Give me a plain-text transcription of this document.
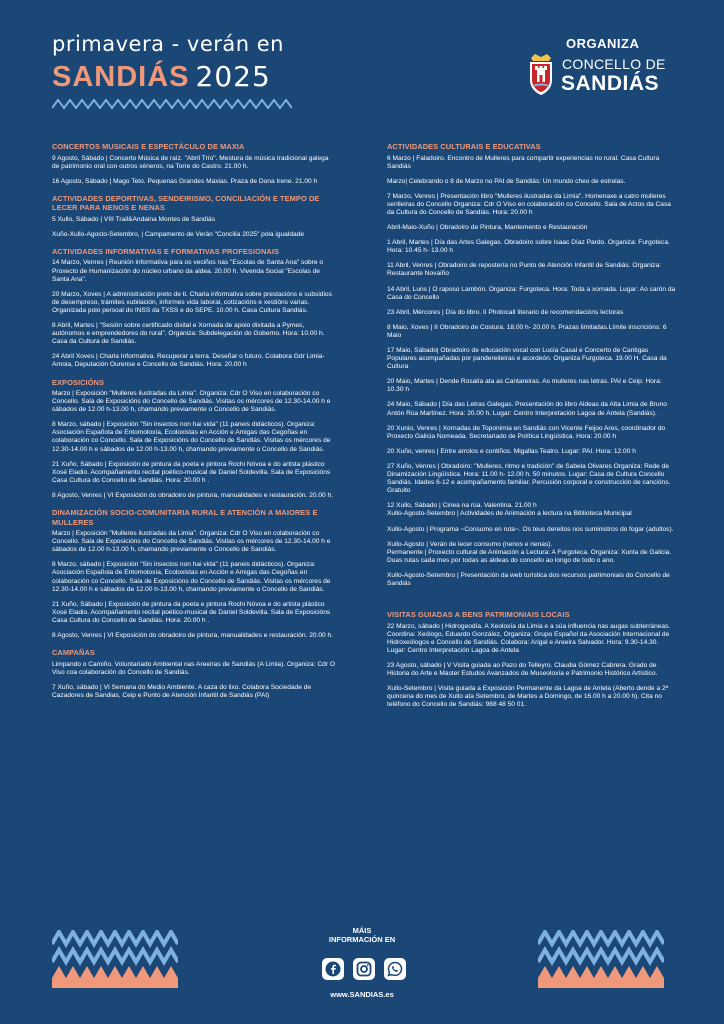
primavera - verán en
SANDIÁS 2025
ORGANIZA
CONCELLO DE
SANDIÁS
CONCERTOS MUSICAIS E ESPECTÁCULO DE MAXIA
9 Agosto, Sábado | Concerto Música de raíz. "Abril Trío". Mestura de música tradicional galega de patrimonio oral con outros xéneros, na Torre do Castro. 21.00 h.
16 Agosto, Sábado | Mago Teto. Pequenas Grandes Maxias. Praza de Dona Irene. 21.00 h
ACTIVIDADES DEPORTIVAS, SENDEIRISMO, CONCILIACIÓN E TEMPO DE LECER PARA NENOS E NENAS
5 Xullo, Sábado | VIII Trail&Andaina Montes de Sandiás
Xuño-Xullo-Agosto-Setembro, | Campamento de Verán "Concilia 2025" pola igualdade
ACTIVIDADES INFORMATIVAS E FORMATIVAS PROFESIONAIS
14 Marzo, Venres | Reunión informativa para os veciños nas "Escolas de Santa Ana" sobre o Proxecto de Humanización do núcleo urbano da aldea. 20.00 h. Vivenda Social "Escolas de Santa Ana".
20 Marzo, Xoves | A administración preto de ti. Charla informativa sobre prestacións e subsidios de desempreso, trámites xubilación, informes vida laboral, cotizacións e xestións varias. Organizada polo persoal do INSS da TXSS e do SEPE. 10.00 h. Casa Cultura Sandiás.
8 Abril, Martes | "Sesión sobre certificado dixital e Xornada de apoio dixitada a Pymes, autónomos e emprendedores do rural". Organiza: Subdelegación do Goberno. Hora: 10.00 h. Casa da Cultura de Sandiás.
24 Abril Xoves | Charla Informativa. Recuperar a terra. Deseñar o futuro. Colabora Gdr Limia-Arnoia, Deputación Ourense e Concello de Sandiás. Hora: 20.00 h
EXPOSICIÓNS
Marzo | Exposición "Mulleres ilustradas da Limia". Organiza: Cdr O Viso en colaboración co Concello. Sala de Exposicións do Concello de Sandiás. Visitas os mércores de 12.30-14.00 h e sábados de 12.00 h-13.00 h, chamando previamente o Concello de Sandiás.
8 Marzo, sábado | Exposición "Sin insectos non hai vida" (11 paneis didácticos). Organiza: Asociación Española de Entomoloxía, Ecoloxistas en Acción e Amigas das Cegoñas en colaboración co Concello. Sala de Exposicións do Concello de Sandiás. Visitas os mércores de 12.30-14.00 h e sábados de 12.00 h-13.00 h, chamando previamente o Concello de Sandiás.
21 Xuño, Sábado | Exposición de pintura da poeta e pintora Rochi Nóvoa e do artista plástico Xosé Eladio. Acompañamento recital poético-musical de Daniel Soldevilla. Sala de Exposicións Casa Cultura do Concello de Sandiás. Hora: 20.00 h .
8 Agosto, Venres | VI Exposición do obradoiro de pintura, manualidades e restauración. 20.00 h.
DINAMIZACIÓN SOCIO-COMUNITARIA RURAL E ATENCIÓN A MAIORES E MULLERES
Marzo | Exposición "Mulleres ilustradas da Limia". Organiza: Cdr O Viso en colaboración co Concello. Sala de Exposicións do Concello de Sandiás. Visitas os mércores de 12.30-14.00 h e sábados de 12.00 h-13.00 h, chamando previamente o Concello de Sandiás.
8 Marzo, sábado | Exposición "Sin insectos non hai vida" (11 paneis didácticos). Organiza: Asociación Española de Entomoloxía, Ecoloxistas en Acción e Amigas das Cegoñas en colaboración co Concello. Sala de Exposicións do Concello de Sandiás. Visitas os mércores de 12.30-14.00 h e sábados de 12.00 h-13.00 h, chamando previamente o Concello de Sandiás.
21 Xuño, Sábado | Exposición de pintura da poeta e pintora Rochi Nóvoa e do artista plástico Xosé Eladio. Acompañamento recital poético-musical de Daniel Soldevilla. Sala de Exposicións Casa Cultura do Concello de Sandiás. Hora: 20.00 h .
8 Agosto, Venres | VI Exposición do obradoiro de pintura, manualidades e restauración. 20.00 h.
CAMPAÑAS
Limpando o Camiño. Voluntariado Ambiental nas Areeiras de Sandiás (A Limia). Organiza: Cdr O Viso coa colaboración do Concello de Sandiás.
7 Xuño, sábado | VI Semana do Medio Ambiente. A caza do lixo. Colabora Sociedade de Cazadores de Sandias, Ceip e Punto de Atención Infantil de Sandiás (PAI)
ACTIVIDADES CULTURAIS E EDUCATIVAS
6 Marzo | Faladoiro. Encontro de Mulleres para compartir experiencias no rural. Casa Cultura Sandiás
Marzo| Celebrando o 8 de Marzo no PAI de Sandiás: Un mundo cheo de estrelas.
7 Marzo, Venres | Presentación libro "Mulleres ilustradas da Limia". Homenaxe a catro mulleres senlleiras do Concello Organiza: Cdr O Viso en colaboración co Concello. Sala de Actos da Casa da Cultura do Concello de Sandiás. Hora: 20.00 h
Abril-Maio-Xuño | Obradoiro de Pintura, Mantemento e Restauración
1 Abril, Martes | Día das Artes Galegas. Obradoiro sobre Isaac Díaz Pardo. Organiza: Furgoteca. Hora: 10.45 h- 13.00 h
11 Abril, Venres | Obradoiro de repostería no Punto de Atención Infantil de Sandiás. Organiza: Restaurante Novaiño
14 Abril, Luns | O raposo Lambón. Organiza: Furgoteca. Hora: Toda a xornada. Lugar: Ao carón da Casa do Concello
23 Abril, Mércores | Día do libro. II Photocall literario de recomendacións lectoras
8 Maio, Xoves | II Obradoiro de Costura. 18.00 h- 20.00 h. Prazas limitadas.Límite inscricións: 6 Maio
17 Maio, Sábado| Obradoiro de educación vocal con Lucía Casal e Concerto de Cantigas Populares acompañadas por pandereiteiras e acordeón. Organiza Furgoteca. 19.00 H. Casa da Cultura
20 Maio, Martes | Dende Rosalía ata as Cantareiras. As mulleres nas letras. PAI e Ceip. Hora: 10.30 h
24 Maio, Sábado | Día das Letras Galegas. Presentación do libro Aldeas da Alta Limia de Bruno Antón Rúa Martínez. Hora: 20.00 h. Lugar: Centro Interpretación Lagoa de Antela (Sandiás).
20 Xunio, Venres | Xornadas de Toponimia en Sandiás con Vicente Feijoo Ares, coordinador do Proxecto Galicia Nomeada. Secretariado de Política Lingüística. Hora: 20.00 h
20 Xuño, venres | Entre arrolos e contiños. Migallas Teatro. Lugar: PAI. Hora: 12.00 h
27 Xuño, Venres | Obradoiro: "Mulleres, ritmo e tradición" de Sabela Olivares Organiza: Rede de Dinamización Lingüística. Hora: 11.00 h- 12.00 h. 50 minutos. Lugar: Casa de Cultura Concello Sandiás. Idades 6-12 e acompañamento familiar. Percusión corporal e construcción de cancións. Gratuito
12 Xullo, Sábado | Cinea na rúa. Valentina. 21.00 h
Xullo-Agosto-Setembro | Actividades de Animación a lectura na Biblioteca Municipal
Xullo-Agosto | Programa ~Consumo en ruta~. Os teus dereitos nos suministros do fogar (adultos).
Xullo-Agosto | Verán de lecer consumo (nenos e nenas).
Permanente | Proxecto cultural de Animación a Lectura: A Furgoteca. Organiza: Xunta de Galicia. Duas rutas cada mes por todas as aldeas do concello ao longo de todo o ano.
Xullo-Agosto-Setembro | Presentación da web turística dos recursos patrimoniais do Concello de Sandiás
VISITAS GUIADAS A BENS PATRIMONIAIS LOCAIS
22 Marzo, sábado | Hidrogeodía. A Xeoloxía da Limia e a súa influencia nas augas subterráneas. Coordina: Xeólogo, Eduardo González, Organiza: Grupo Español da Asociación Internacional de Hidroxeólogos e Concello de Sandiás. Colabora: Arigal e Areeira Salvador. Hora: 9.30-14.30. Lugar: Centro Interpretación Lagoa de Antela
23 Agosto, sábado | V Visita guiada ao Pazo do Telleyro. Claudia Gómez Cabrera. Grado de Historia do Arte e Master Estudos Avanzados de Museoloxía e Patrimonio Histórico Artístico.
Xullo-Setembro | Visita guiada a Exposición Permanente da Lagoa de Antela (Aberto dende a 2ª quincena do mes de Xullo ata Setembro, de Martes a Domingo, de 16.00 h a 20.00 h). Cita no teléfono do Concello de Sandiás: 988 48 50 01.
MÁIS
INFORMACIÓN EN
www.SANDIAS.es
